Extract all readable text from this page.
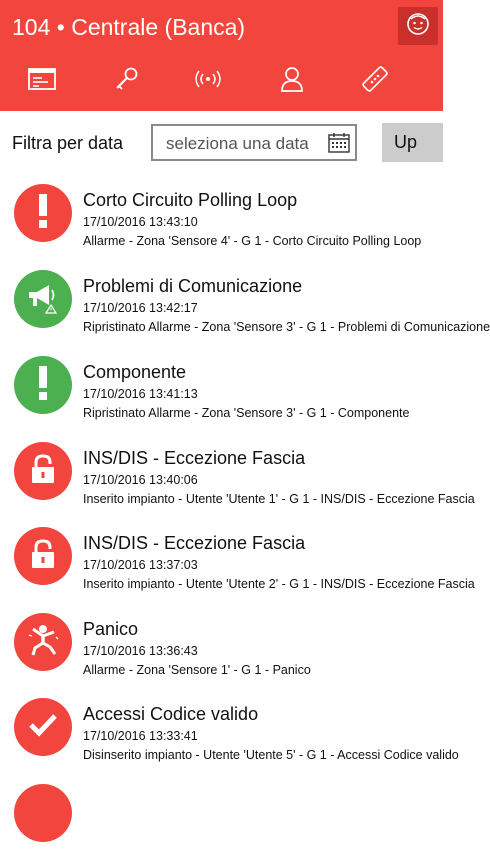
104 • Centrale (Banca)
Filtra per data	seleziona una data	Up
Corto Circuito Polling Loop
17/10/2016 13:43:10
Allarme - Zona 'Sensore 4' - G 1 - Corto Circuito Polling Loop
Problemi di Comunicazione
17/10/2016 13:42:17
Ripristinato Allarme - Zona 'Sensore 3' - G 1 - Problemi di Comunicazione
Componente
17/10/2016 13:41:13
Ripristinato Allarme - Zona 'Sensore 3' - G 1 - Componente
INS/DIS - Eccezione Fascia
17/10/2016 13:40:06
Inserito impianto - Utente 'Utente 1' - G 1 - INS/DIS - Eccezione Fascia
INS/DIS - Eccezione Fascia
17/10/2016 13:37:03
Inserito impianto - Utente 'Utente 2' - G 1 - INS/DIS - Eccezione Fascia
Panico
17/10/2016 13:36:43
Allarme - Zona 'Sensore 1' - G 1 - Panico
Accessi Codice valido
17/10/2016 13:33:41
Disinserito impianto - Utente 'Utente 5' - G 1 - Accessi Codice valido
